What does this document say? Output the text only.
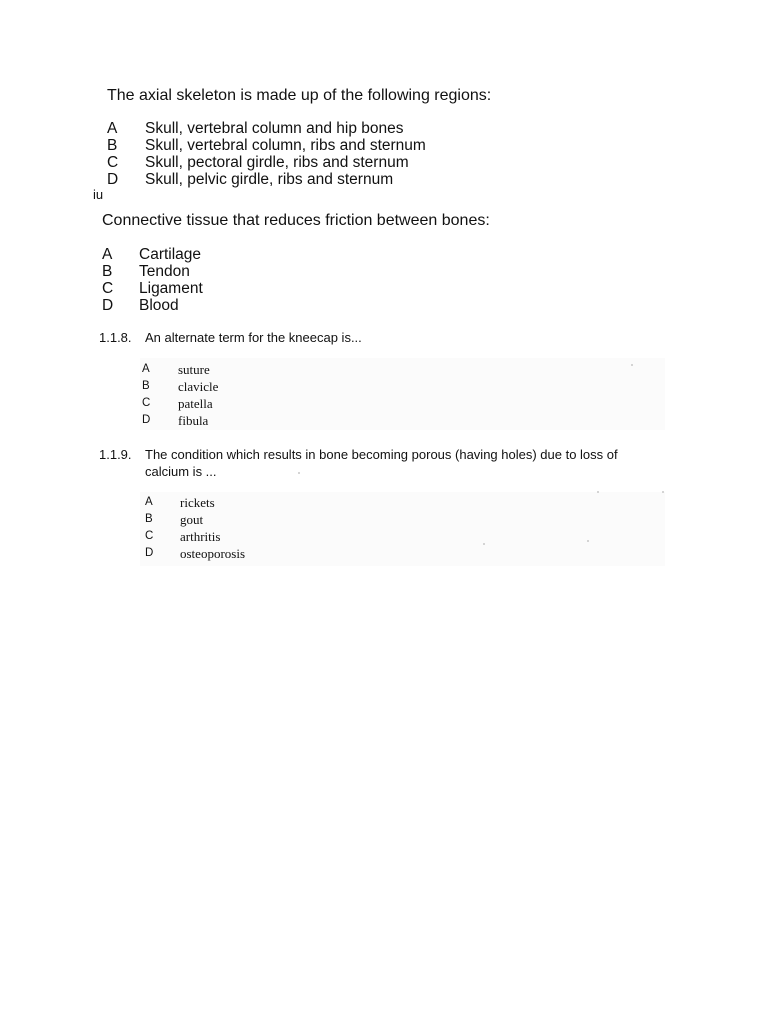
The axial skeleton is made up of the following regions:
A	Skull, vertebral column and hip bones
B	Skull, vertebral column, ribs and sternum
C	Skull, pectoral girdle, ribs and sternum
D	Skull, pelvic girdle, ribs and sternum
iu
Connective tissue that reduces friction between bones:
A	Cartilage
B	Tendon
C	Ligament
D	Blood
1.1.8.	An alternate term for the kneecap is...
A	suture
B	clavicle
C	patella
D	fibula
1.1.9.	The condition which results in bone becoming porous (having holes) due to loss of calcium is ...
A	rickets
B	gout
C	arthritis
D	osteoporosis
